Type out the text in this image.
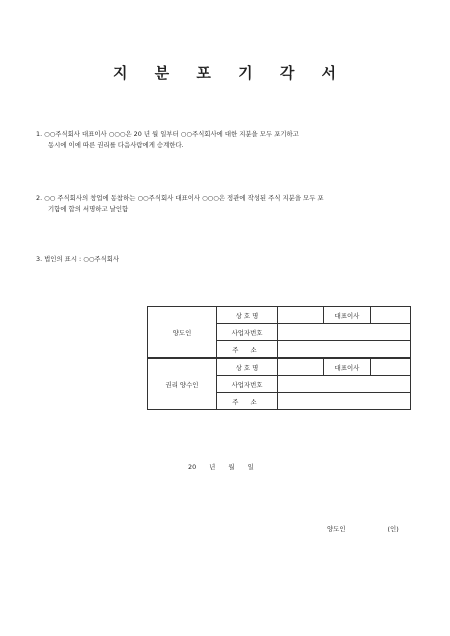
지 분 포 기 각 서
1. ○○주식회사 대표이사 ○○○은 20 년 월 일부터 ○○주식회사에 대한 지분을 모두 포기하고
동시에 이에 따른 권리를 다음사람에게 승계한다.
2. ○○ 주식회사의 창업에 동참하는 ○○주식회사 대표이사 ○○○은 정관에 작성된 주식 지분을 모두 포
기함에 합의 서명하고 날인함
3. 법인의 표시 : ○○주식회사
양도인	상 호 명		대표이사	
	사업자번호			
	주 소			
권리 양수인	상 호 명		대표이사	
	사업자번호			
	주 소			
20 년 월 일
양도인	(인)
